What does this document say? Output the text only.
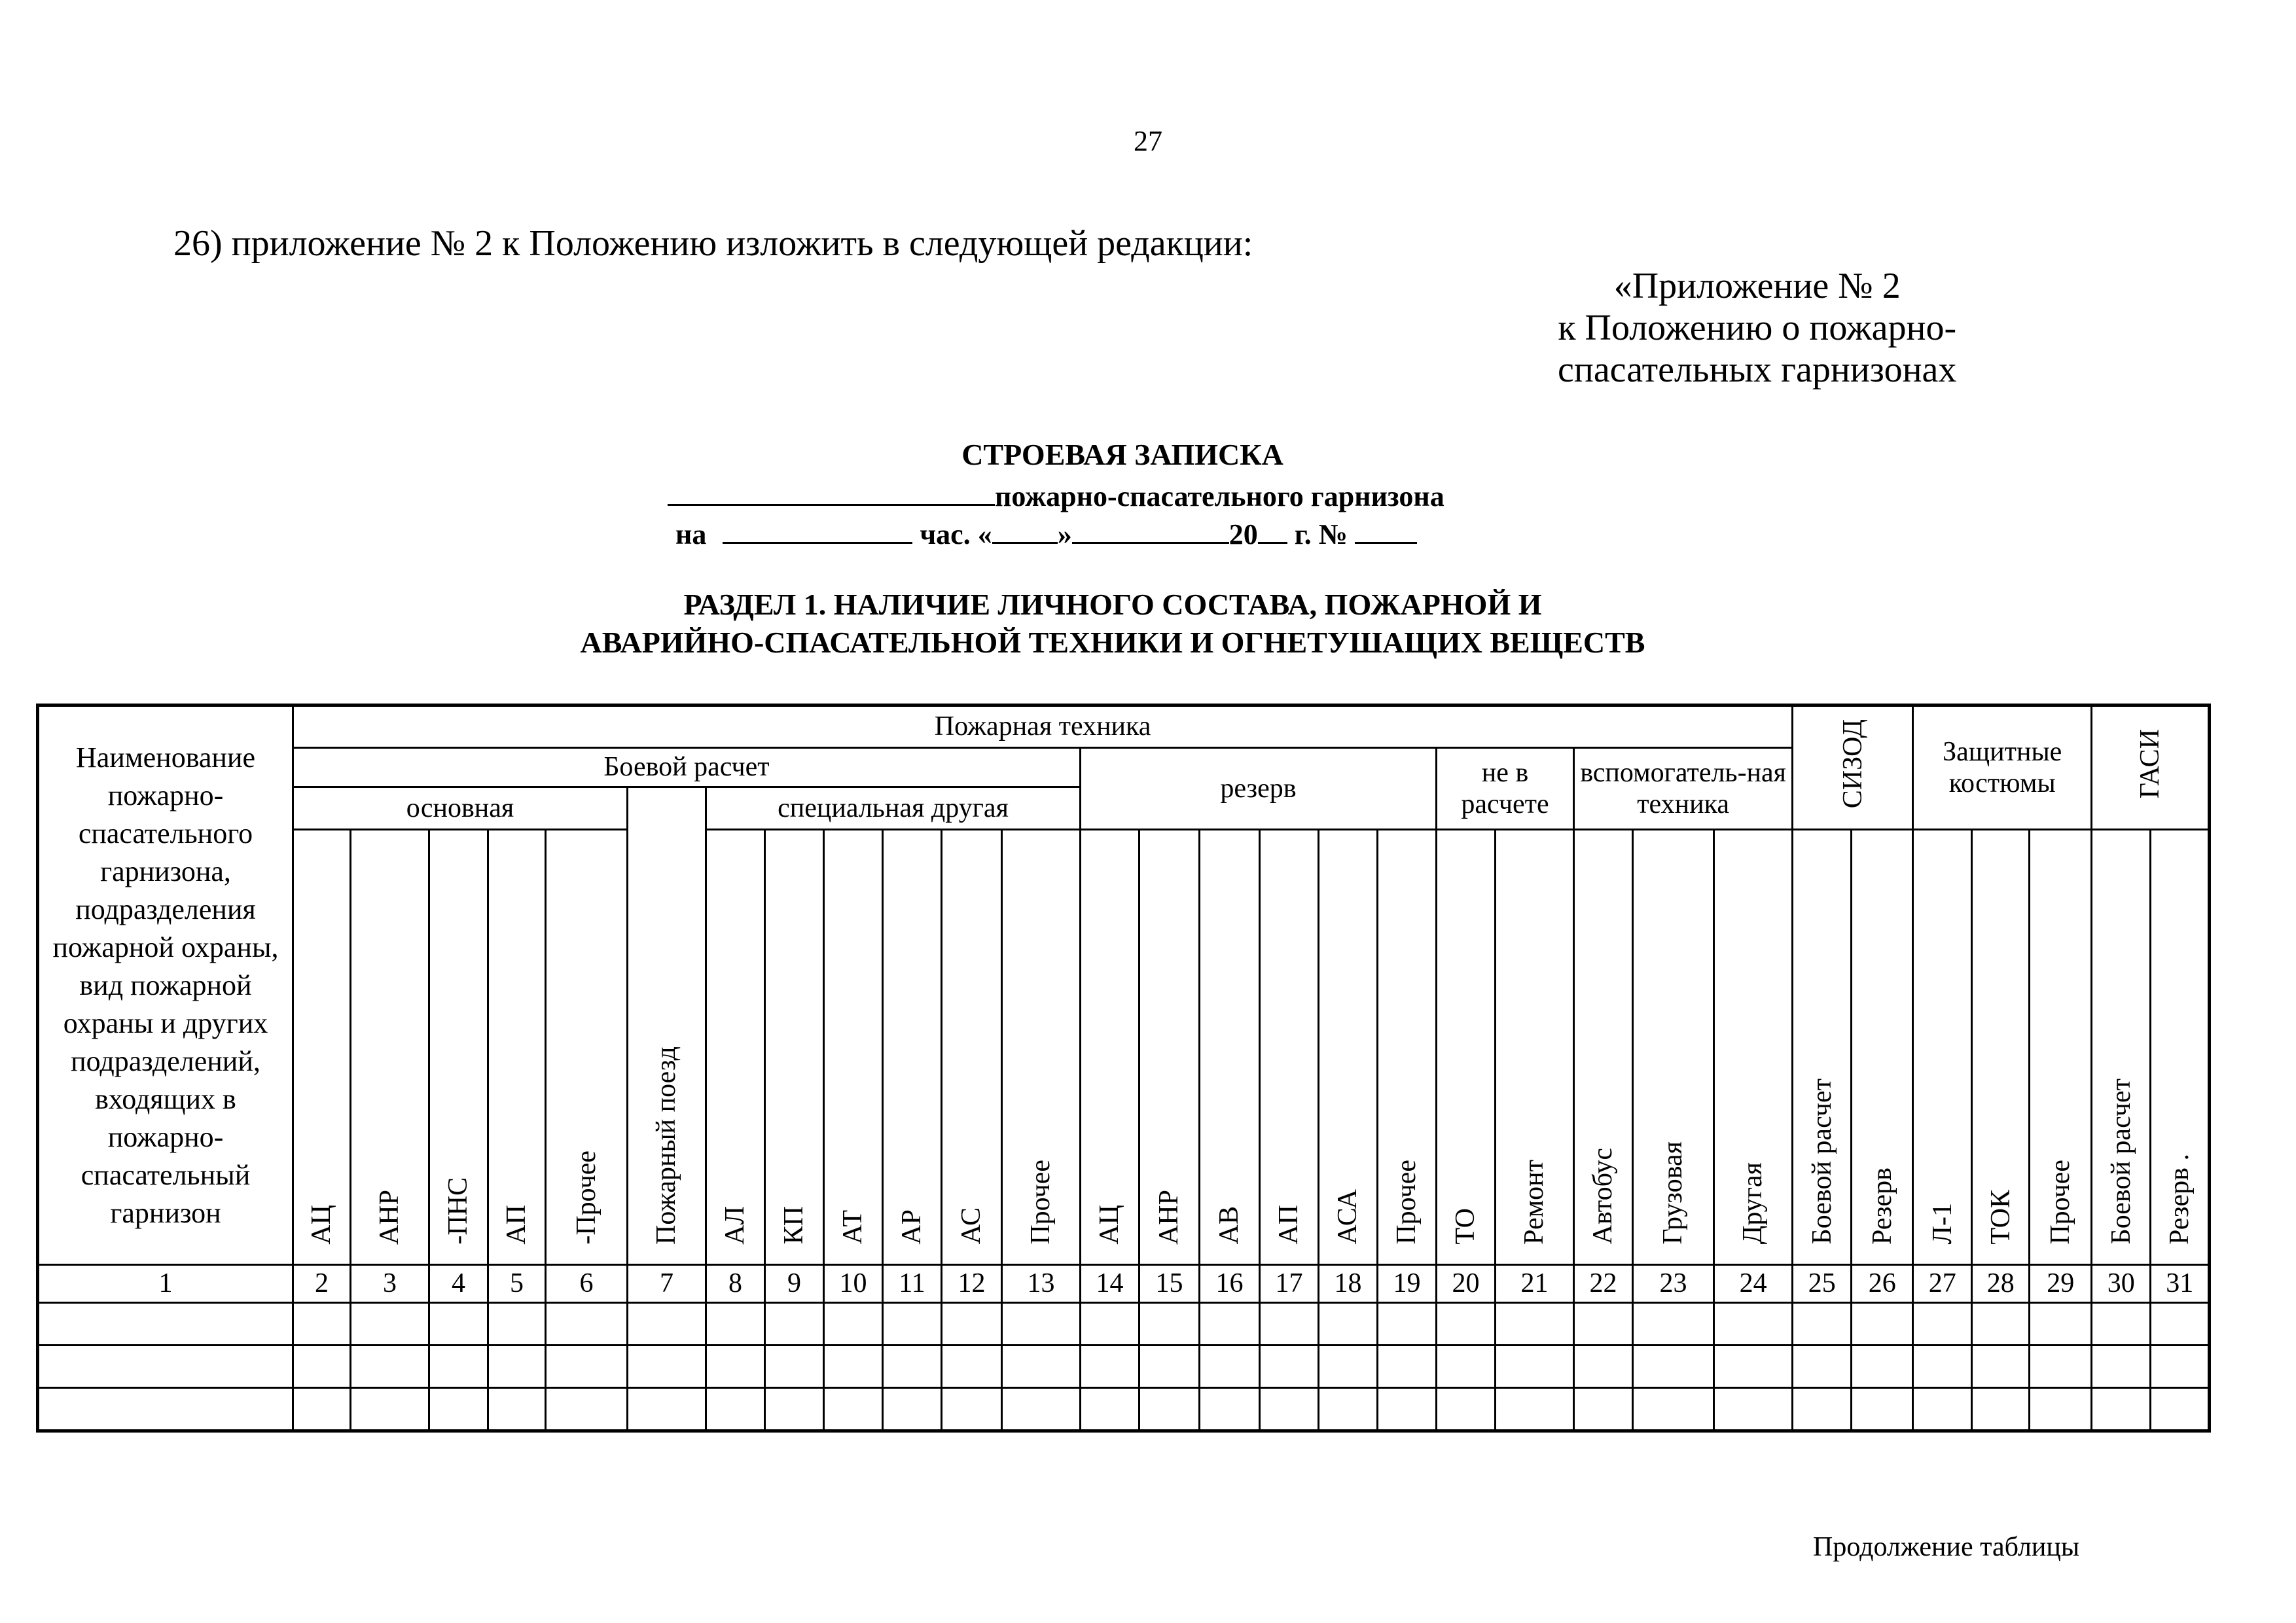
27
26) приложение № 2 к Положению изложить в следующей редакции:
«Приложение № 2
к Положению о пожарно-
спасательных гарнизонах
СТРОЕВАЯ ЗАПИСКА
пожарно-спасательного гарнизона
на	час. « »	20 г. №
РАЗДЕЛ 1. НАЛИЧИЕ ЛИЧНОГО СОСТАВА, ПОЖАРНОЙ И
АВАРИЙНО-СПАСАТЕЛЬНОЙ ТЕХНИКИ И ОГНЕТУШАЩИХ ВЕЩЕСТВ
Наименование пожарно-спасательного гарнизона, подразделения пожарной охраны, вид пожарной охраны и других подразделений, входящих в пожарно-спасательный гарнизон	Пожарная техника																							СИЗОД		Защитные костюмы			ГАСИ	
	Боевой расчет												резерв						не в расчете		вспомогатель-ная техника									
	основная					Пожарный поезд	специальная другая																							
	АЦ	АНР	-ПНС	АП	-Прочее		АЛ	КП	АТ	АР	АС	Прочее	АЦ	АНР	АВ	АП	АСА	Прочее	ТО	Ремонт	Автобус	Грузовая	Другая	Боевой расчет	Резерв	Л-1	ТОК	Прочее	Боевой расчет	Резерв .
1	2	3	4	5	6	7	8	9	10	11	12	13	14	15	16	17	18	19	20	21	22	23	24	25	26	27	28	29	30	31

Продолжение таблицы
